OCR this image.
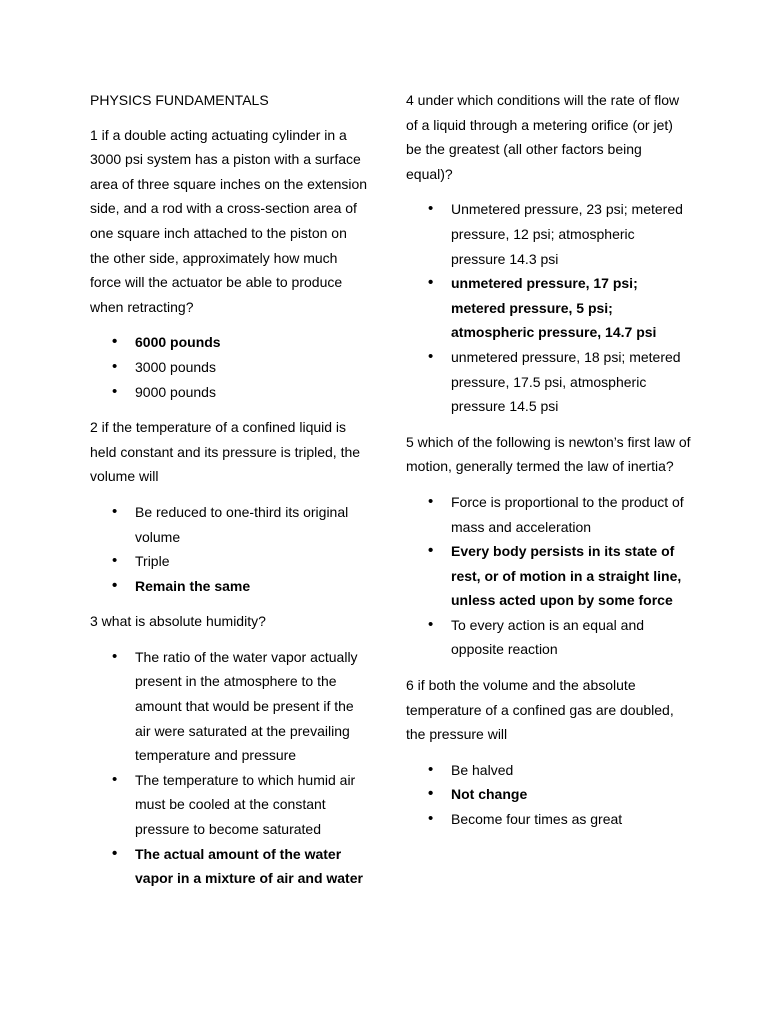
PHYSICS FUNDAMENTALS

1 if a double acting actuating cylinder in a 3000 psi system has a piston with a surface area of three square inches on the extension side, and a rod with a cross-section area of one square inch attached to the piston on the other side, approximately how much force will the actuator be able to produce when retracting?

• 6000 pounds
• 3000 pounds
• 9000 pounds

2 if the temperature of a confined liquid is held constant and its pressure is tripled, the volume will

• Be reduced to one-third its original volume
• Triple
• Remain the same

3 what is absolute humidity?

• The ratio of the water vapor actually present in the atmosphere to the amount that would be present if the air were saturated at the prevailing temperature and pressure
• The temperature to which humid air must be cooled at the constant pressure to become saturated
• The actual amount of the water vapor in a mixture of air and water

4 under which conditions will the rate of flow of a liquid through a metering orifice (or jet) be the greatest (all other factors being equal)?

• Unmetered pressure, 23 psi; metered pressure, 12 psi; atmospheric pressure 14.3 psi
• unmetered pressure, 17 psi; metered pressure, 5 psi; atmospheric pressure, 14.7 psi
• unmetered pressure, 18 psi; metered pressure, 17.5 psi, atmospheric pressure 14.5 psi

5 which of the following is newton’s first law of motion, generally termed the law of inertia?

• Force is proportional to the product of mass and acceleration
• Every body persists in its state of rest, or of motion in a straight line, unless acted upon by some force
• To every action is an equal and opposite reaction

6 if both the volume and the absolute temperature of a confined gas are doubled, the pressure will

• Be halved
• Not change
• Become four times as great
